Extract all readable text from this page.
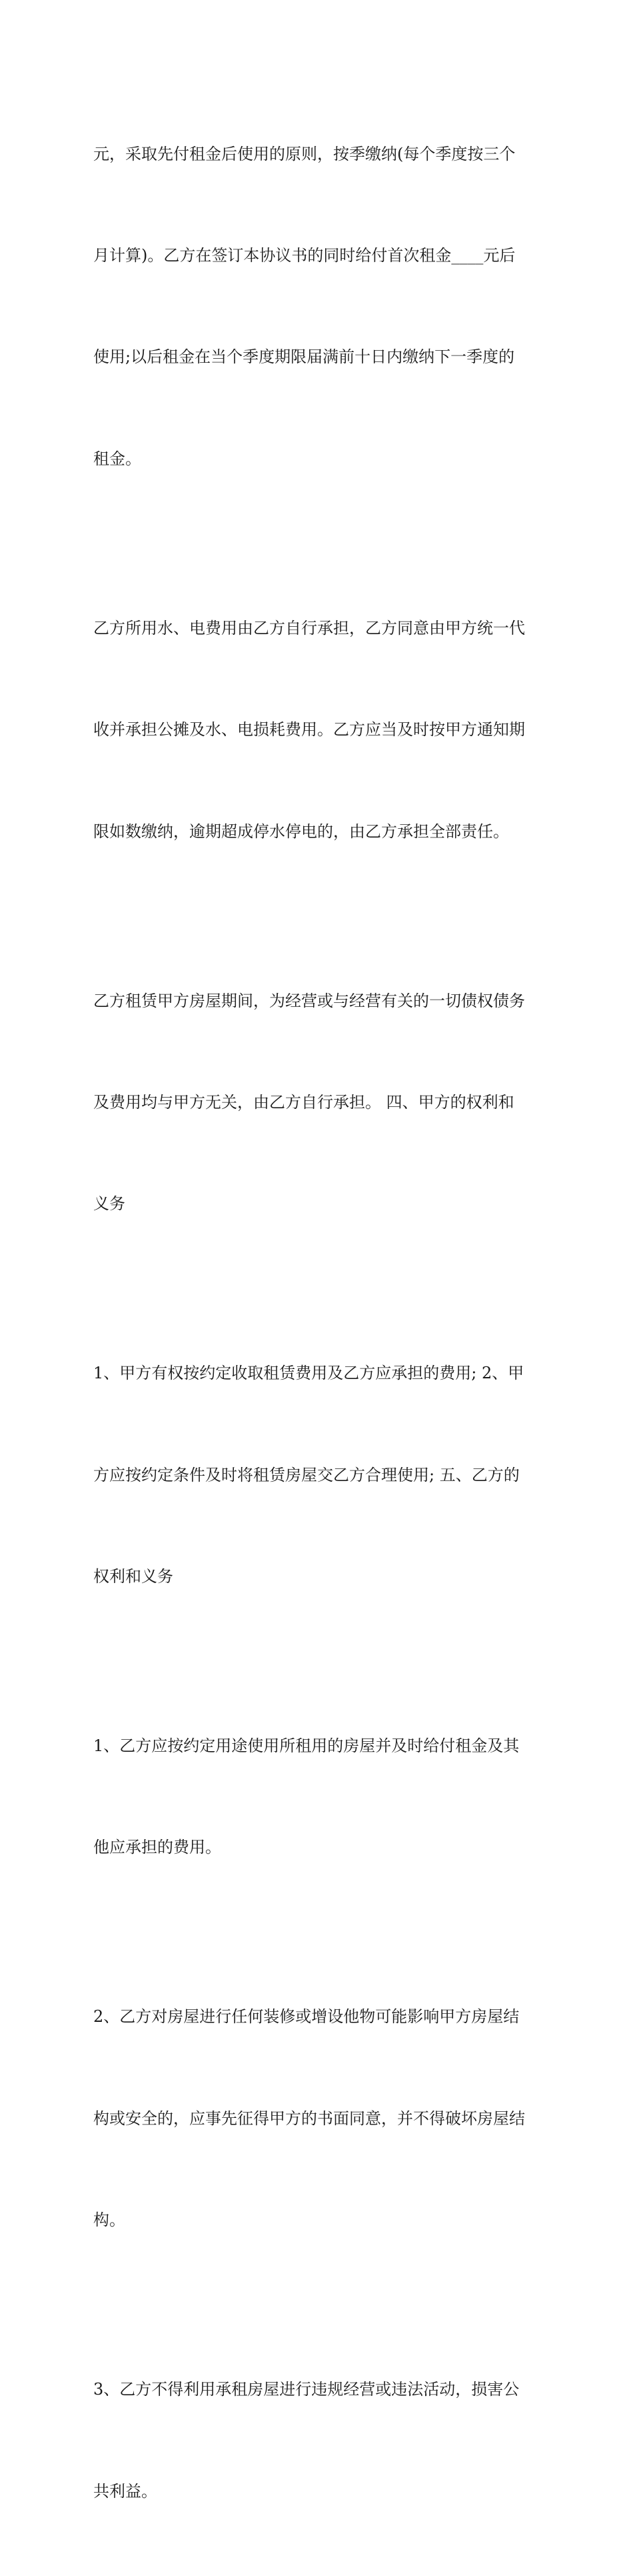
元，采取先付租金后使用的原则，按季缴纳(每个季度按三个

月计算)。乙方在签订本协议书的同时给付首次租金____元后

使用;以后租金在当个季度期限届满前十日内缴纳下一季度的

租金。

乙方所用水、电费用由乙方自行承担，乙方同意由甲方统一代

收并承担公摊及水、电损耗费用。乙方应当及时按甲方通知期

限如数缴纳，逾期超成停水停电的，由乙方承担全部责任。

乙方租赁甲方房屋期间，为经营或与经营有关的一切债权债务

及费用均与甲方无关，由乙方自行承担。 四、甲方的权利和

义务

1、甲方有权按约定收取租赁费用及乙方应承担的费用; 2、甲

方应按约定条件及时将租赁房屋交乙方合理使用; 五、乙方的

权利和义务

1、乙方应按约定用途使用所租用的房屋并及时给付租金及其

他应承担的费用。

2、乙方对房屋进行任何装修或增设他物可能影响甲方房屋结

构或安全的，应事先征得甲方的书面同意，并不得破坏房屋结

构。

3、乙方不得利用承租房屋进行违规经营或违法活动，损害公

共利益。
